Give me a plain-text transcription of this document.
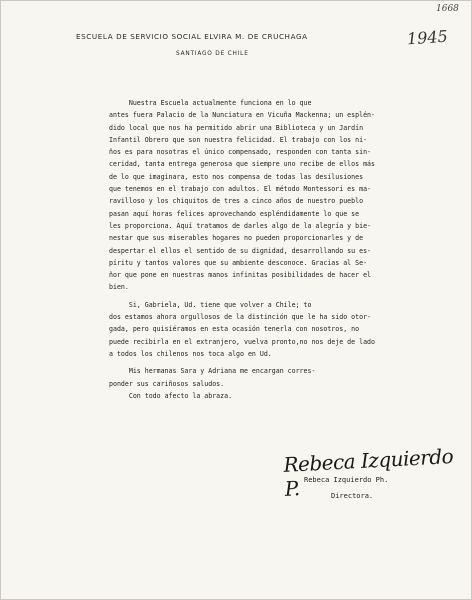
1668
1945
ESCUELA DE SERVICIO SOCIAL ELVIRA M. DE CRUCHAGA
SANTIAGO DE CHILE

Nuestra Escuela actualmente funciona en lo que

antes fuera Palacio de la Nunciatura en Vicuña Mackenna; un esplén-

dido local que nos ha permitido abrir una Biblioteca y un Jardín

Infantil Obrero que son nuestra felicidad. El trabajo con los ni-

ños es para nosotras el único compensado, responden con tanta sin-

ceridad, tanta entrega generosa que siempre uno recibe de ellos más

de lo que imaginara, esto nos compensa de todas las desilusiones

que tenemos en el trabajo con adultos. El método Montessori es ma-

ravilloso y los chiquitos de tres a cinco años de nuestro pueblo

pasan aquí horas felices aprovechando espléndidamente lo que se

les proporciona. Aquí tratamos de darles algo de la alegría y bie-

nestar que sus miserables hogares no pueden proporcionarles y de

despertar el ellos el sentido de su dignidad, desarrollando su es-

píritu y tantos valores que su ambiente desconoce. Gracias al Se-

ñor que pone en nuestras manos infinitas posibilidades de hacer el

bien.

Si, Gabriela, Ud. tiene que volver a Chile; to

dos estamos ahora orgullosos de la distinción que le ha sido otor-

gada, pero quisiéramos en esta ocasión tenerla con nosotros, no

puede recibirla en el extranjero, vuelva pronto,no nos deje de lado

a todos los chilenos nos toca algo en Ud.

Mis hermanas Sara y Adriana me encargan corres-

ponder sus cariñosos saludos.

Con todo afecto la abraza.

Rebeca Izquierdo P. Rebeca Izquierdo Ph.
Directora.
